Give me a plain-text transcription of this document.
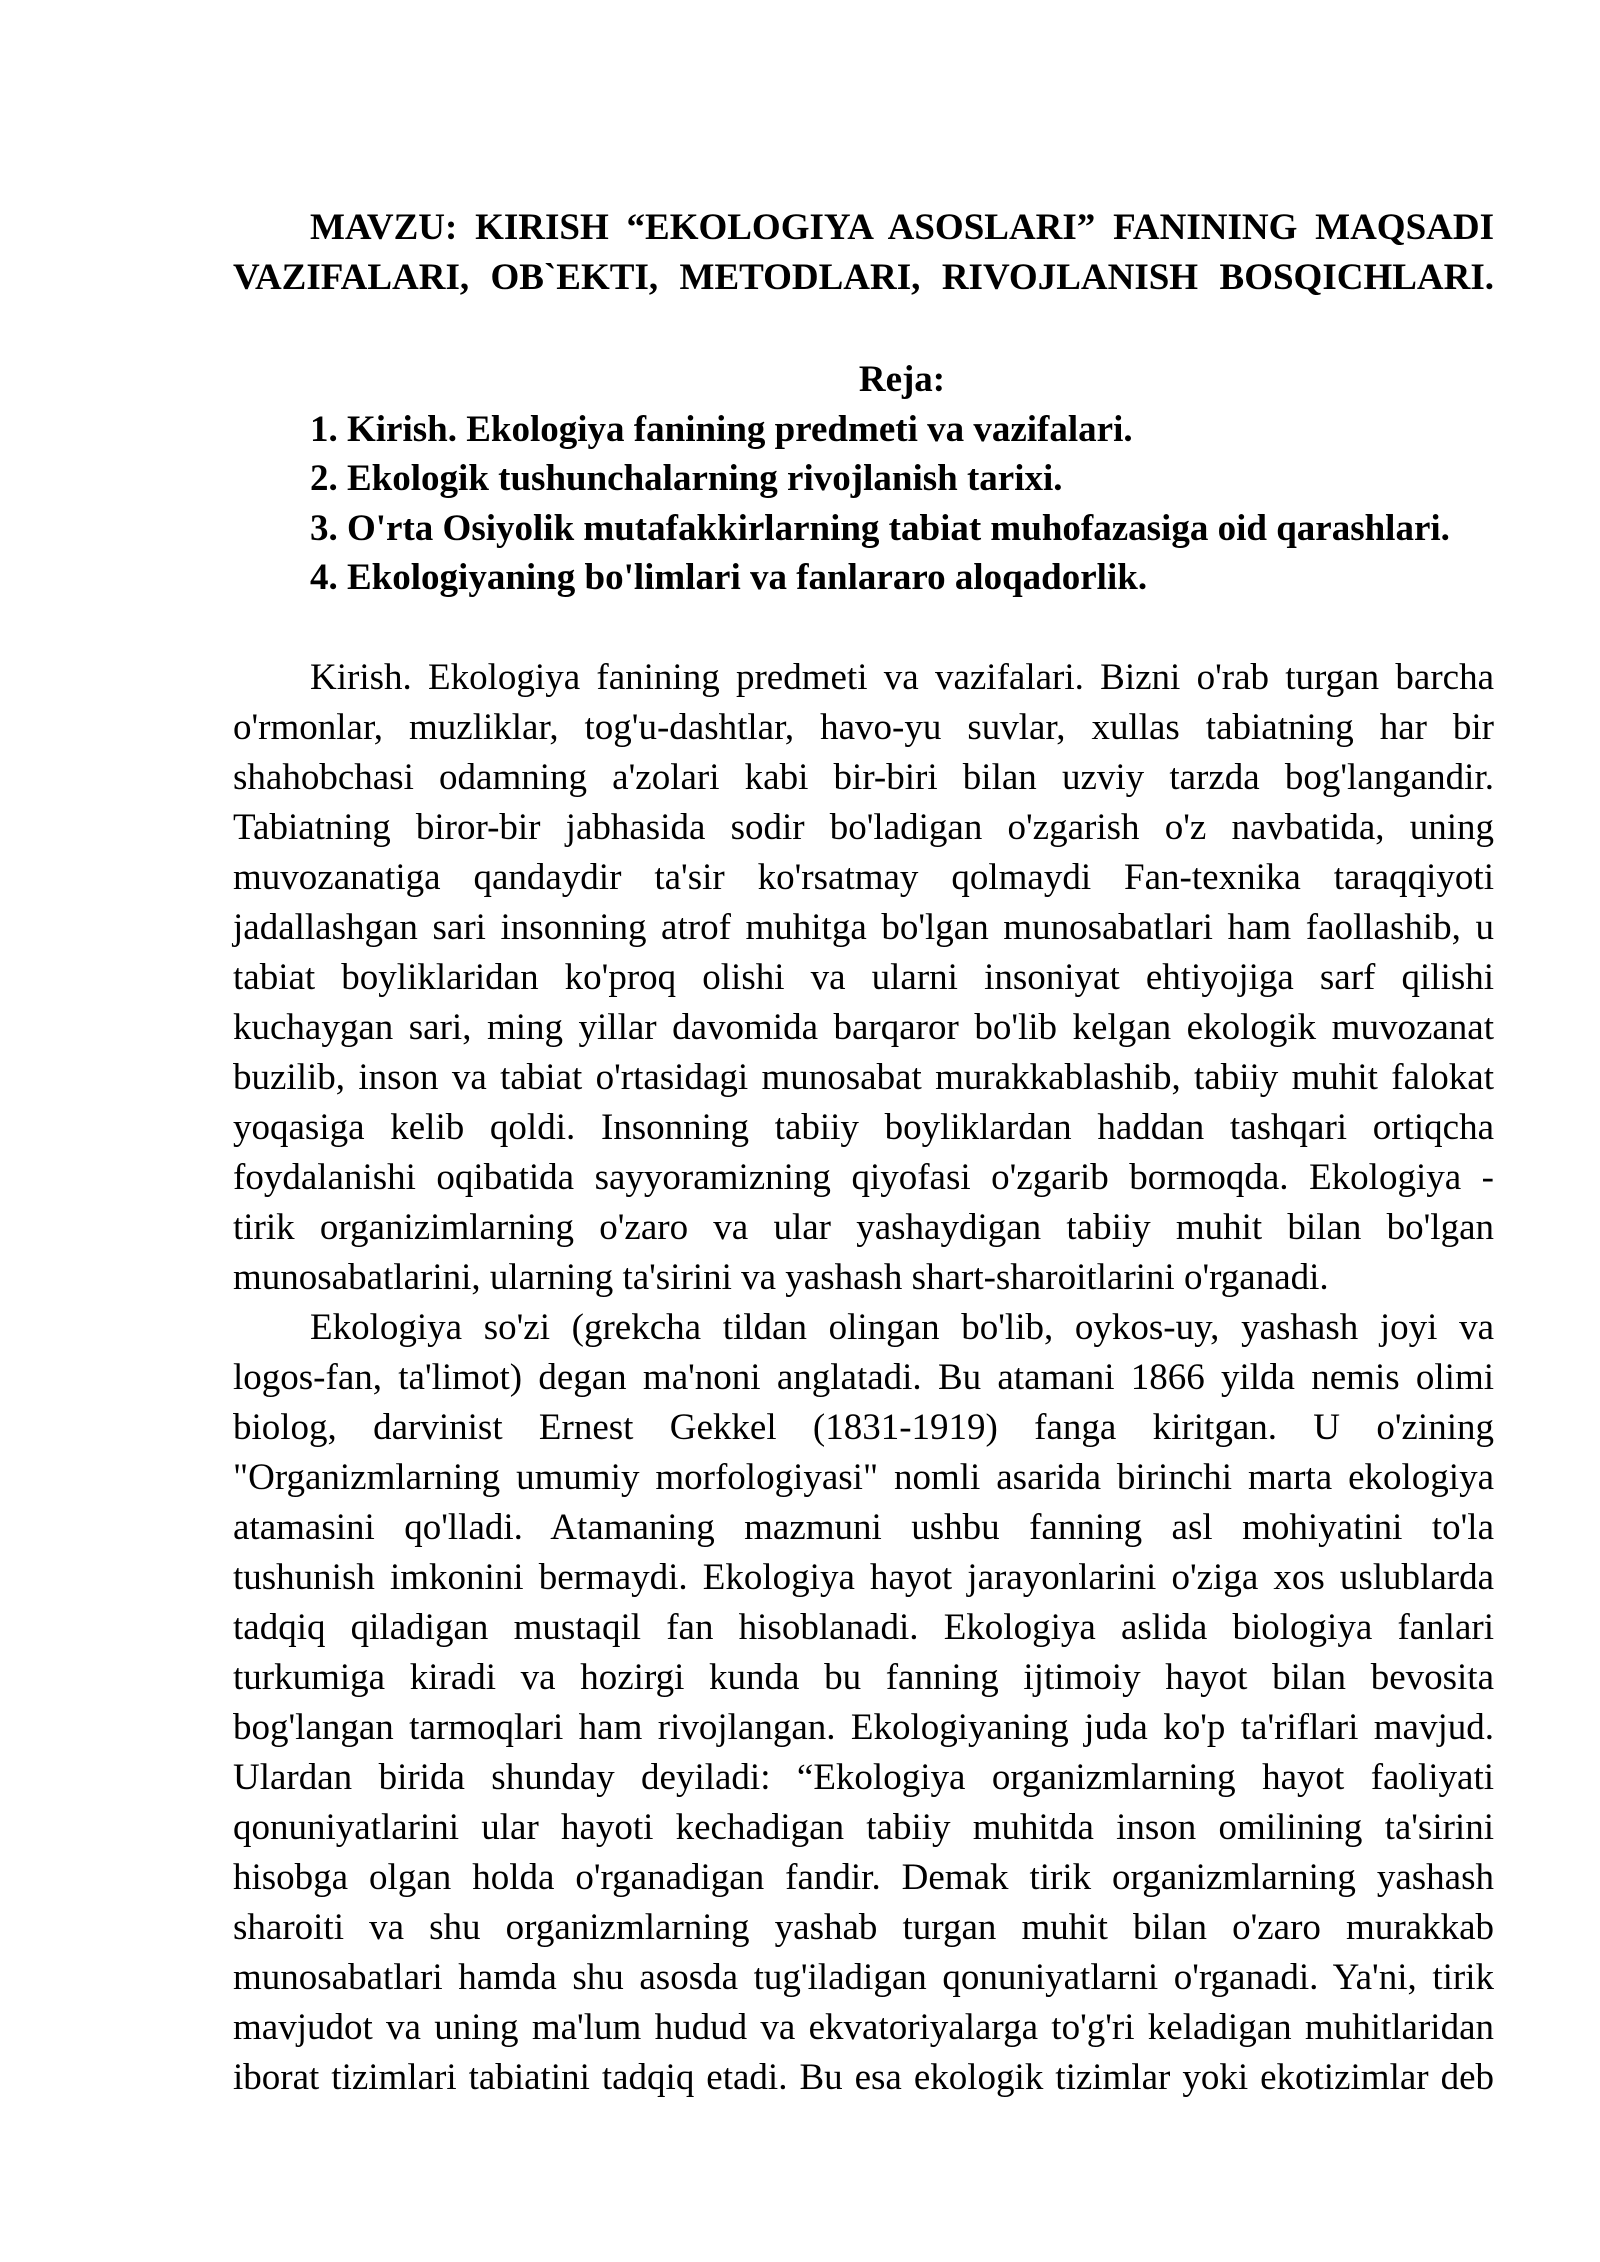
MAVZU: KIRISH “EKOLOGIYA ASOSLARI” FANINING MAQSADI
VAZIFALARI, OB`EKTI, METODLARI, RIVOJLANISH BOSQICHLARI.
Reja:
1. Kirish. Ekologiya fanining predmeti va vazifalari.
2. Ekologik tushunchalarning rivojlanish tarixi.
3. O'rta Osiyolik mutafakkirlarning tabiat muhofazasiga oid qarashlari.
4. Ekologiyaning bo'limlari va fanlararo aloqadorlik.
Kirish. Ekologiya fanining predmeti va vazifalari. Bizni o'rab turgan barcha
o'rmonlar, muzliklar, tog'u-dashtlar, havo-yu suvlar, xullas tabiatning har bir
shahobchasi odamning a'zolari kabi bir-biri bilan uzviy tarzda bog'langandir.
Tabiatning biror-bir jabhasida sodir bo'ladigan o'zgarish o'z navbatida, uning
muvozanatiga qandaydir ta'sir ko'rsatmay qolmaydi Fan-texnika taraqqiyoti
jadallashgan sari insonning atrof muhitga bo'lgan munosabatlari ham faollashib, u
tabiat boyliklaridan ko'proq olishi va ularni insoniyat ehtiyojiga sarf qilishi
kuchaygan sari, ming yillar davomida barqaror bo'lib kelgan ekologik muvozanat
buzilib, inson va tabiat o'rtasidagi munosabat murakkablashib, tabiiy muhit falokat
yoqasiga kelib qoldi. Insonning tabiiy boyliklardan haddan tashqari ortiqcha
foydalanishi oqibatida sayyoramizning qiyofasi o'zgarib bormoqda. Ekologiya -
tirik organizimlarning o'zaro va ular yashaydigan tabiiy muhit bilan bo'lgan
munosabatlarini, ularning ta'sirini va yashash shart-sharoitlarini o'rganadi.
Ekologiya so'zi (grekcha tildan olingan bo'lib, oykos-uy, yashash joyi va
logos-fan, ta'limot) degan ma'noni anglatadi. Bu atamani 1866 yilda nemis olimi
biolog, darvinist Ernest Gekkel (1831-1919) fanga kiritgan. U o'zining
"Organizmlarning umumiy morfologiyasi" nomli asarida birinchi marta ekologiya
atamasini qo'lladi. Atamaning mazmuni ushbu fanning asl mohiyatini to'la
tushunish imkonini bermaydi. Ekologiya hayot jarayonlarini o'ziga xos uslublarda
tadqiq qiladigan mustaqil fan hisoblanadi. Ekologiya aslida biologiya fanlari
turkumiga kiradi va hozirgi kunda bu fanning ijtimoiy hayot bilan bevosita
bog'langan tarmoqlari ham rivojlangan. Ekologiyaning juda ko'p ta'riflari mavjud.
Ulardan birida shunday deyiladi: “Ekologiya organizmlarning hayot faoliyati
qonuniyatlarini ular hayoti kechadigan tabiiy muhitda inson omilining ta'sirini
hisobga olgan holda o'rganadigan fandir. Demak tirik organizmlarning yashash
sharoiti va shu organizmlarning yashab turgan muhit bilan o'zaro murakkab
munosabatlari hamda shu asosda tug'iladigan qonuniyatlarni o'rganadi. Ya'ni, tirik
mavjudot va uning ma'lum hudud va ekvatoriyalarga to'g'ri keladigan muhitlaridan
iborat tizimlari tabiatini tadqiq etadi. Bu esa ekologik tizimlar yoki ekotizimlar deb
